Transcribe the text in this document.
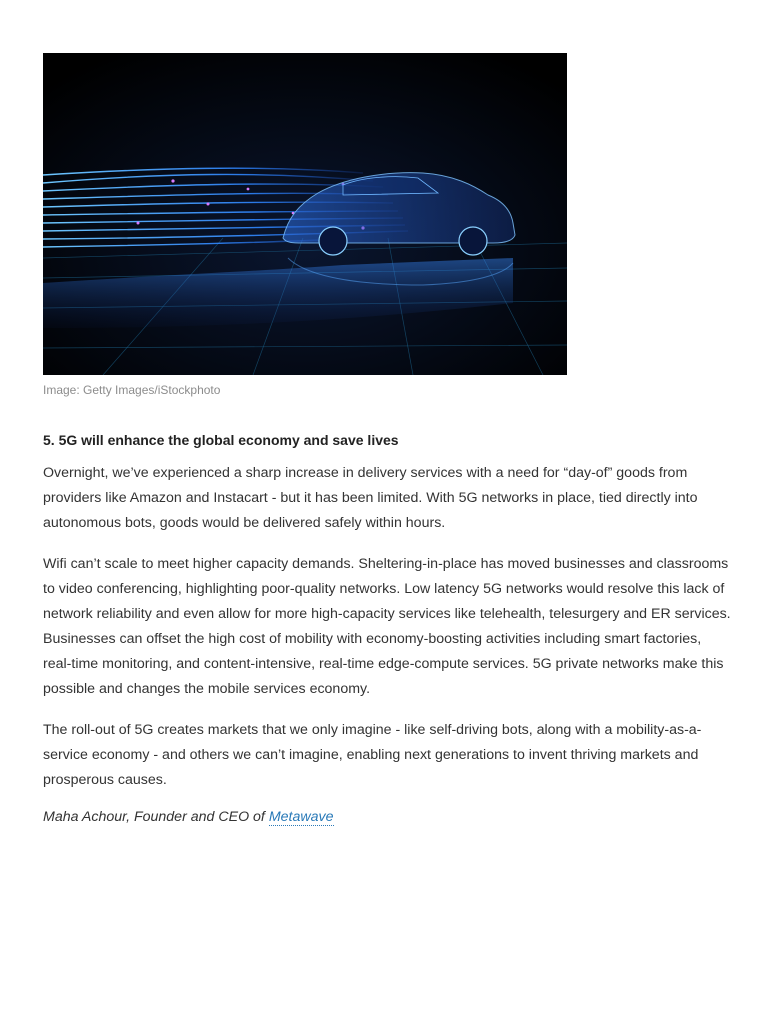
Image: Getty Images/iStockphoto

5. 5G will enhance the global economy and save lives

Overnight, we’ve experienced a sharp increase in delivery services with a need for “day-of” goods from providers like Amazon and Instacart - but it has been limited. With 5G networks in place, tied directly into autonomous bots, goods would be delivered safely within hours.

Wifi can’t scale to meet higher capacity demands. Sheltering-in-place has moved businesses and classrooms to video conferencing, highlighting poor-quality networks. Low latency 5G networks would resolve this lack of network reliability and even allow for more high-capacity services like telehealth, telesurgery and ER services. Businesses can offset the high cost of mobility with economy-boosting activities including smart factories, real-time monitoring, and content-intensive, real-time edge-compute services. 5G private networks make this possible and changes the mobile services economy.

The roll-out of 5G creates markets that we only imagine - like self-driving bots, along with a mobility-as-a-service economy - and others we can’t imagine, enabling next generations to invent thriving markets and prosperous causes.

Maha Achour, Founder and CEO of Metawave
